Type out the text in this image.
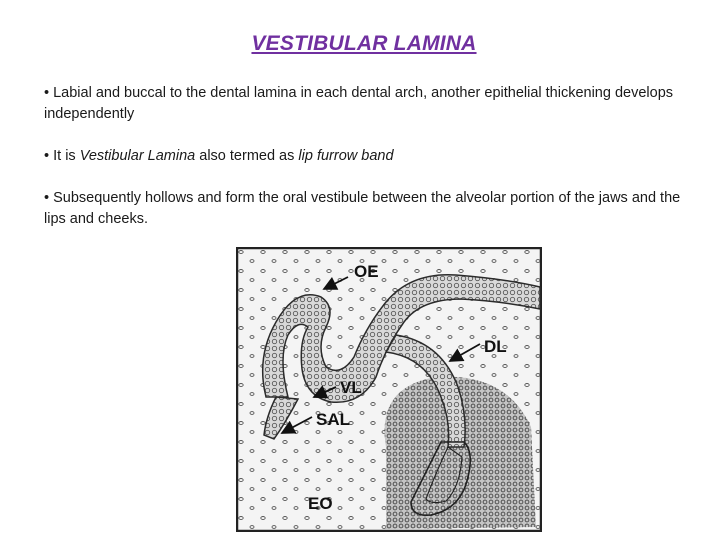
VESTIBULAR LAMINA

• Labial and buccal to the dental lamina in each dental arch, another epithelial thickening develops independently

• It is Vestibular Lamina also termed as lip furrow band

• Subsequently hollows and form the oral vestibule between the alveolar portion of the jaws and the lips and cheeks.

OE
DL
VL
SAL
EO
